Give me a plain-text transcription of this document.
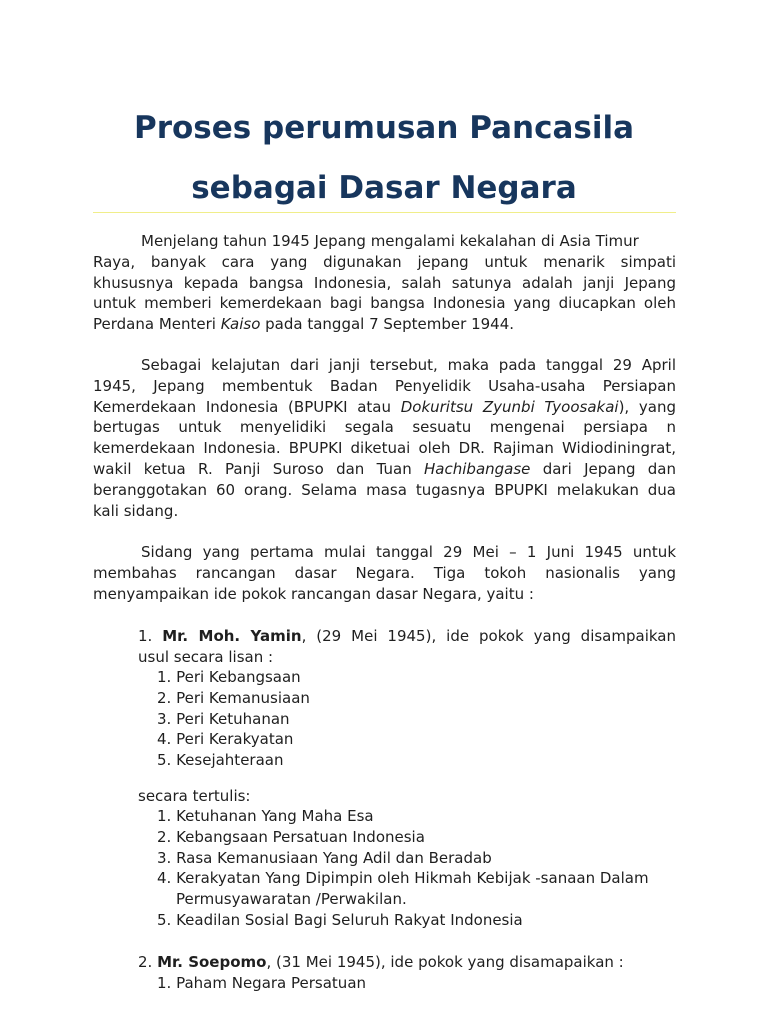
Proses perumusan Pancasila
sebagai Dasar Negara

Menjelang tahun 1945 Jepang mengalami kekalahan di Asia Timur
Raya, banyak cara yang digunakan jepang untuk menarik simpati
khususnya kepada bangsa Indonesia, salah satunya adalah janji Jepang
untuk memberi kemerdekaan bagi bangsa Indonesia yang diucapkan oleh
Perdana Menteri Kaiso pada tanggal 7 September 1944.

Sebagai kelajutan dari janji tersebut, maka pada tanggal 29 April
1945, Jepang membentuk Badan Penyelidik Usaha-usaha Persiapan
Kemerdekaan Indonesia (BPUPKI atau Dokuritsu Zyunbi Tyoosakai), yang
bertugas untuk menyelidiki segala sesuatu mengenai persiapa n
kemerdekaan Indonesia. BPUPKI diketuai oleh DR. Rajiman Widiodiningrat,
wakil ketua R. Panji Suroso dan Tuan Hachibangase dari Jepang dan
beranggotakan 60 orang. Selama masa tugasnya BPUPKI melakukan dua
kali sidang.

Sidang yang pertama mulai tanggal 29 Mei – 1 Juni 1945 untuk
membahas rancangan dasar Negara. Tiga tokoh nasionalis yang
menyampaikan ide pokok rancangan dasar Negara, yaitu :

1. Mr. Moh. Yamin, (29 Mei 1945), ide pokok yang disampaikan
usul secara lisan :

1. Peri Kebangsaan
2. Peri Kemanusiaan
3. Peri Ketuhanan
4. Peri Kerakyatan
5. Kesejahteraan
secara tertulis:
1. Ketuhanan Yang Maha Esa
2. Kebangsaan Persatuan Indonesia
3. Rasa Kemanusiaan Yang Adil dan Beradab
4. Kerakyatan Yang Dipimpin oleh Hikmah Kebijak -sanaan Dalam
Permusyawaratan /Perwakilan.
5. Keadilan Sosial Bagi Seluruh Rakyat Indonesia

2. Mr. Soepomo, (31 Mei 1945), ide pokok yang disamapaikan :

1. Paham Negara Persatuan
